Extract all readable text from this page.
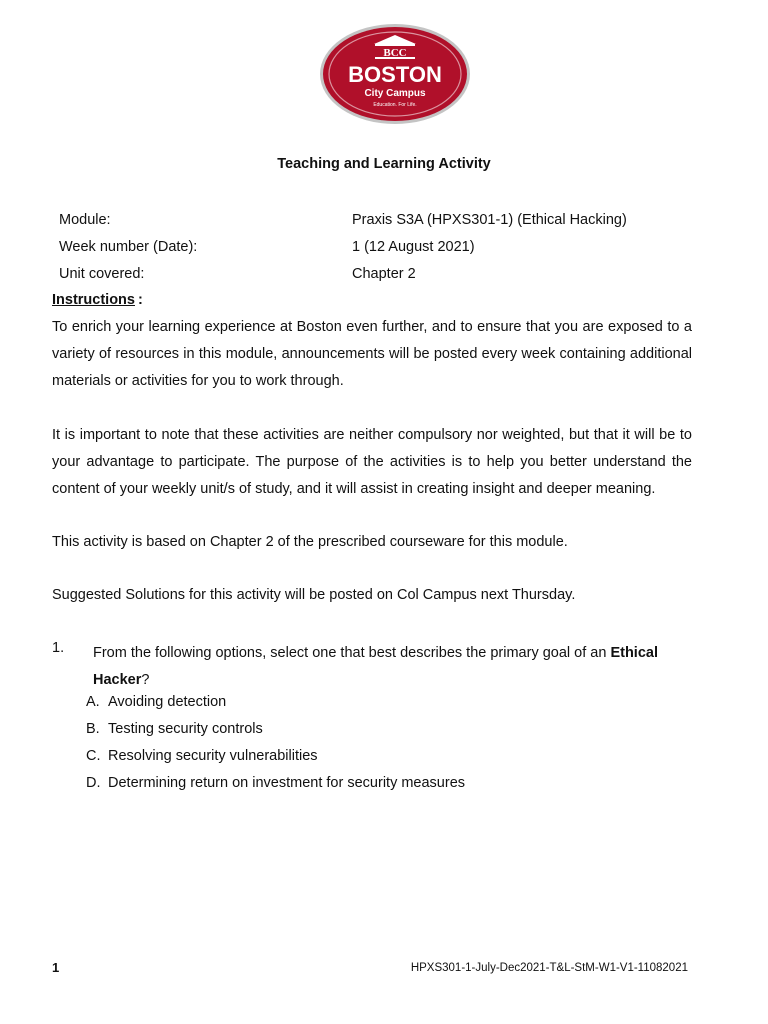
BCC
BOSTON
City Campus
Education. For Life.
Teaching and Learning Activity
Module:	Praxis S3A (HPXS301-1) (Ethical Hacking)
Week number (Date):	1 (12 August 2021)
Unit covered:	Chapter 2
Instructions :
To enrich your learning experience at Boston even further, and to ensure that you are exposed to a variety of resources in this module, announcements will be posted every week containing additional materials or activities for you to work through.
It is important to note that these activities are neither compulsory nor weighted, but that it will be to your advantage to participate. The purpose of the activities is to help you better understand the content of your weekly unit/s of study, and it will assist in creating insight and deeper meaning.
This activity is based on Chapter 2 of the prescribed courseware for this module.
Suggested Solutions for this activity will be posted on Col Campus next Thursday.
1. From the following options, select one that best describes the primary goal of an Ethical Hacker?
A. Avoiding detection
B. Testing security controls
C. Resolving security vulnerabilities
D. Determining return on investment for security measures
1	HPXS301-1-July-Dec2021-T&L-StM-W1-V1-11082021
